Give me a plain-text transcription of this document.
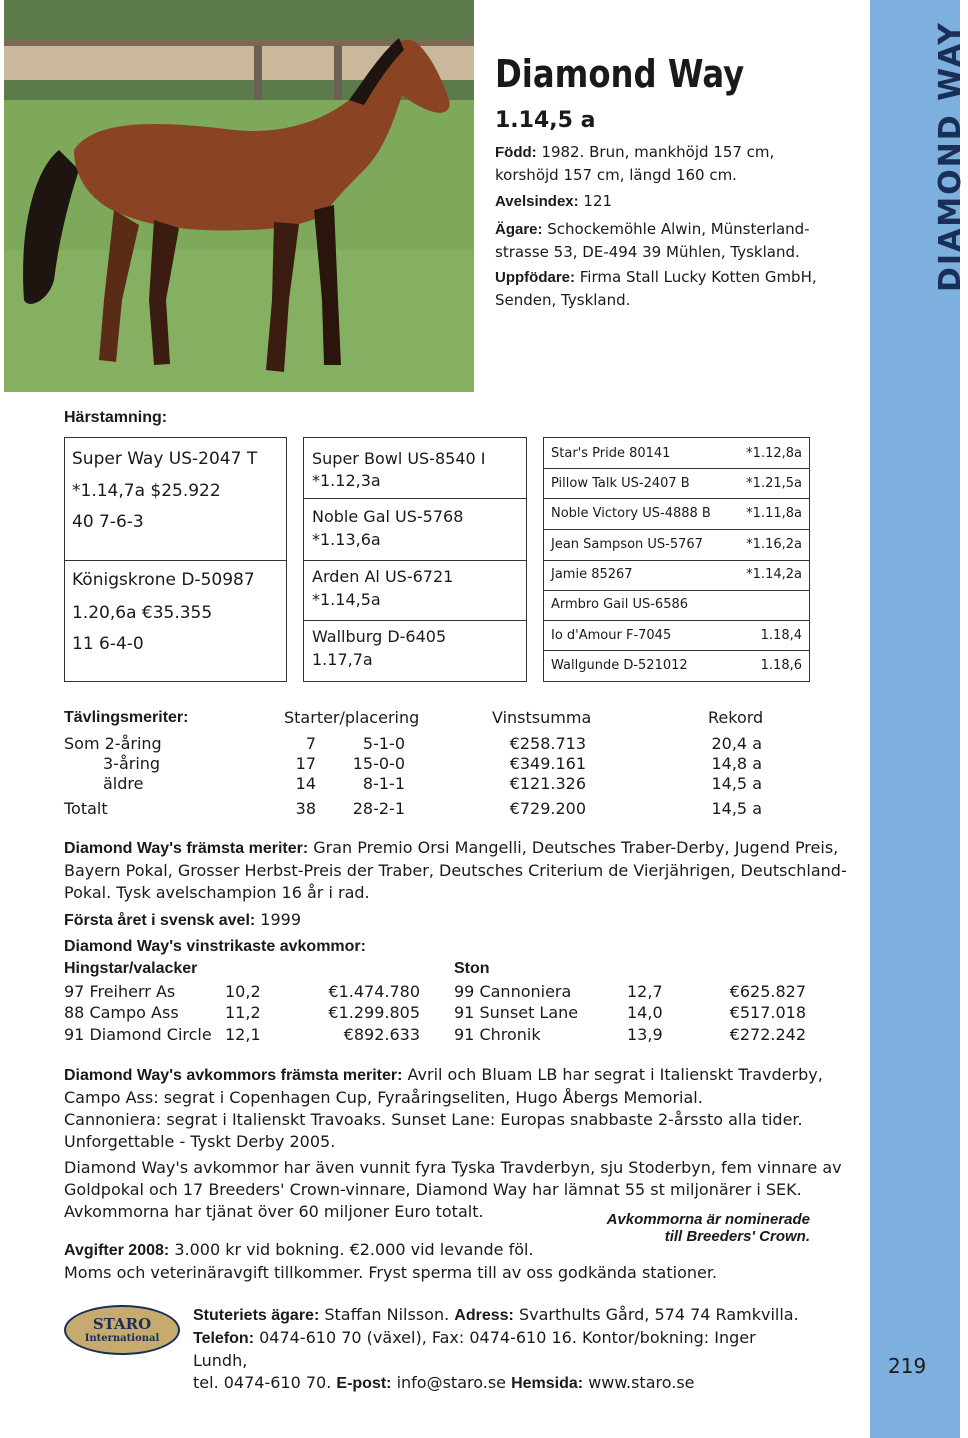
Diamond Way
1.14,5 a
Född: 1982. Brun, mankhöjd 157 cm,
korshöjd 157 cm, längd 160 cm.
Avelsindex: 121
Ägare: Schockemöhle Alwin, Münsterland-
strasse 53, DE-494 39 Mühlen, Tyskland.
Uppfödare: Firma Stall Lucky Kotten GmbH,
Senden, Tyskland.
DIAMOND WAY
219
Härstamning:
Super Way US-2047 T
*1.14,7a $25.922
40 7-6-3
Königskrone D-50987
1.20,6a €35.355
11 6-4-0
Super Bowl US-8540 I
*1.12,3a
Noble Gal US-5768
*1.13,6a
Arden Al US-6721
*1.14,5a
Wallburg D-6405
1.17,7a
Star's Pride 80141	*1.12,8a
Pillow Talk US-2407 B	*1.21,5a
Noble Victory US-4888 B	*1.11,8a
Jean Sampson US-5767	*1.16,2a
Jamie 85267	*1.14,2a
Armbro Gail US-6586
Io d'Amour F-7045	1.18,4
Wallgunde D-521012	1.18,6
Tävlingsmeriter:	Starter/placering	Vinstsumma	Rekord
Som 2-åring	7	5-1-0	€258.713	20,4 a
3-åring	17	15-0-0	€349.161	14,8 a
äldre	14	8-1-1	€121.326	14,5 a
Totalt	38	28-2-1	€729.200	14,5 a
Diamond Way's främsta meriter: Gran Premio Orsi Mangelli, Deutsches Traber-Derby, Jugend Preis,
Bayern Pokal, Grosser Herbst-Preis der Traber, Deutsches Criterium de Vierjährigen, Deutschland-
Pokal. Tysk avelschampion 16 år i rad.
Första året i svensk avel: 1999
Diamond Way's vinstrikaste avkommor:
Hingstar/valacker	Ston
97 Freiherr As	10,2	€1.474.780
88 Campo Ass	11,2	€1.299.805
91 Diamond Circle 12,1	€892.633
99 Cannoniera	12,7	€625.827
91 Sunset Lane	14,0	€517.018
91 Chronik	13,9	€272.242
Diamond Way's avkommors främsta meriter: Avril och Bluam LB har segrat i Italienskt Travderby,
Campo Ass: segrat i Copenhagen Cup, Fyraåringseliten, Hugo Åbergs Memorial.
Cannoniera: segrat i Italienskt Travoaks. Sunset Lane: Europas snabbaste 2-årssto alla tider.
Unforgettable - Tyskt Derby 2005.
Diamond Way's avkommor har även vunnit fyra Tyska Travderbyn, sju Stoderbyn, fem vinnare av
Goldpokal och 17 Breeders' Crown-vinnare, Diamond Way har lämnat 55 st miljonärer i SEK.
Avkommorna har tjänat över 60 miljoner Euro totalt.	Avkommorna är nominerade
till Breeders' Crown.
Avgifter 2008: 3.000 kr vid bokning. €2.000 vid levande föl.
Moms och veterinäravgift tillkommer. Fryst sperma till av oss godkända stationer.
STARO
International
Stuteriets ägare: Staffan Nilsson. Adress: Svarthults Gård, 574 74 Ramkvilla.
Telefon: 0474-610 70 (växel), Fax: 0474-610 16. Kontor/bokning: Inger Lundh,
tel. 0474-610 70. E-post: info@staro.se Hemsida: www.staro.se
